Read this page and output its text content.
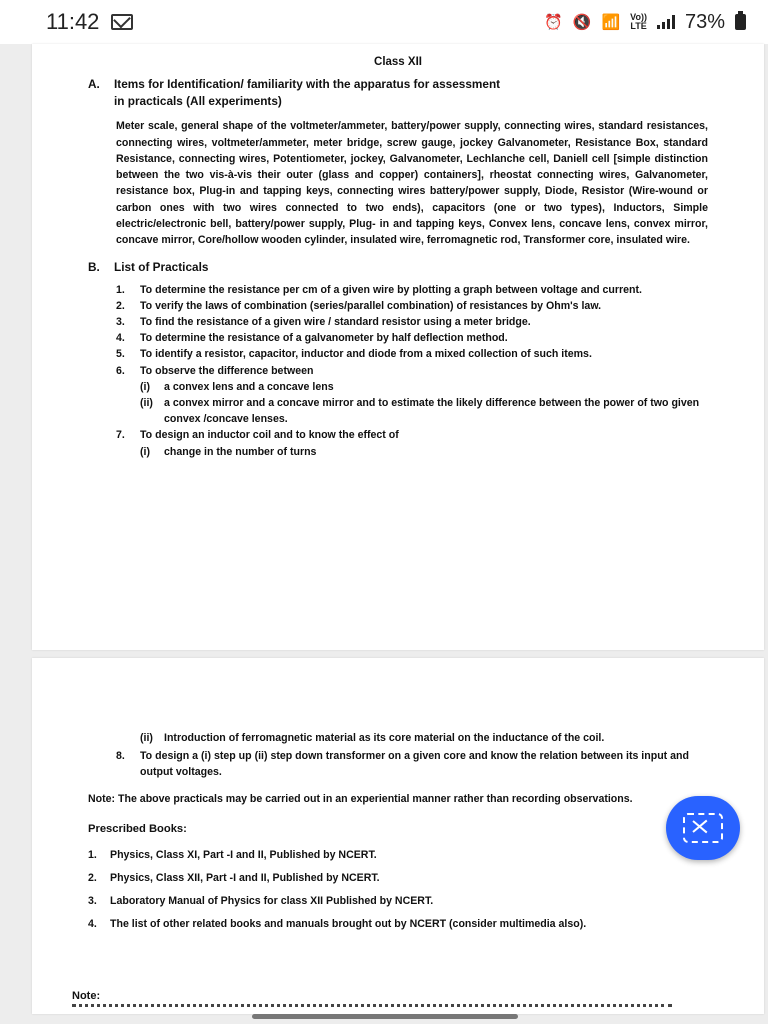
11:42	⏰ 🔇 📶 Vo))
LTE 73%
Class XII
A.	Items for Identification/ familiarity with the apparatus for assessment
in practicals (All experiments)
Meter scale, general shape of the voltmeter/ammeter, battery/power supply, connecting wires, standard resistances, connecting wires, voltmeter/ammeter, meter bridge, screw gauge, jockey Galvanometer, Resistance Box, standard Resistance, connecting wires, Potentiometer, jockey, Galvanometer, Lechlanche cell, Daniell cell [simple distinction between the two vis-à-vis their outer (glass and copper) containers], rheostat connecting wires, Galvanometer, resistance box, Plug-in and tapping keys, connecting wires battery/power supply, Diode, Resistor (Wire-wound or carbon ones with two wires connected to two ends), capacitors (one or two types), Inductors, Simple electric/electronic bell, battery/power supply, Plug- in and tapping keys, Convex lens, concave lens, convex mirror, concave mirror, Core/hollow wooden cylinder, insulated wire, ferromagnetic rod, Transformer core, insulated wire.
B.	List of Practicals
1.	To determine the resistance per cm of a given wire by plotting a graph between voltage and current.
2.	To verify the laws of combination (series/parallel combination) of resistances by Ohm's law.
3.	To find the resistance of a given wire / standard resistor using a meter bridge.
4.	To determine the resistance of a galvanometer by half deflection method.
5.	To identify a resistor, capacitor, inductor and diode from a mixed collection of such items.
6.	To observe the difference between
(i)	a convex lens and a concave lens
(ii)	a convex mirror and a concave mirror and to estimate the likely difference between the power of two given convex /concave lenses.
7.	To design an inductor coil and to know the effect of
(i)	change in the number of turns
(ii)	Introduction of ferromagnetic material as its core material on the inductance of the coil.
8.	To design a (i) step up (ii) step down transformer on a given core and know the relation between its input and output voltages.
Note: The above practicals may be carried out in an experiential manner rather than recording observations.
Prescribed Books:
1.	Physics, Class XI, Part -I and II, Published by NCERT.
2.	Physics, Class XII, Part -I and II, Published by NCERT.
3.	Laboratory Manual of Physics for class XII Published by NCERT.
4.	The list of other related books and manuals brought out by NCERT (consider multimedia also).
Note:
